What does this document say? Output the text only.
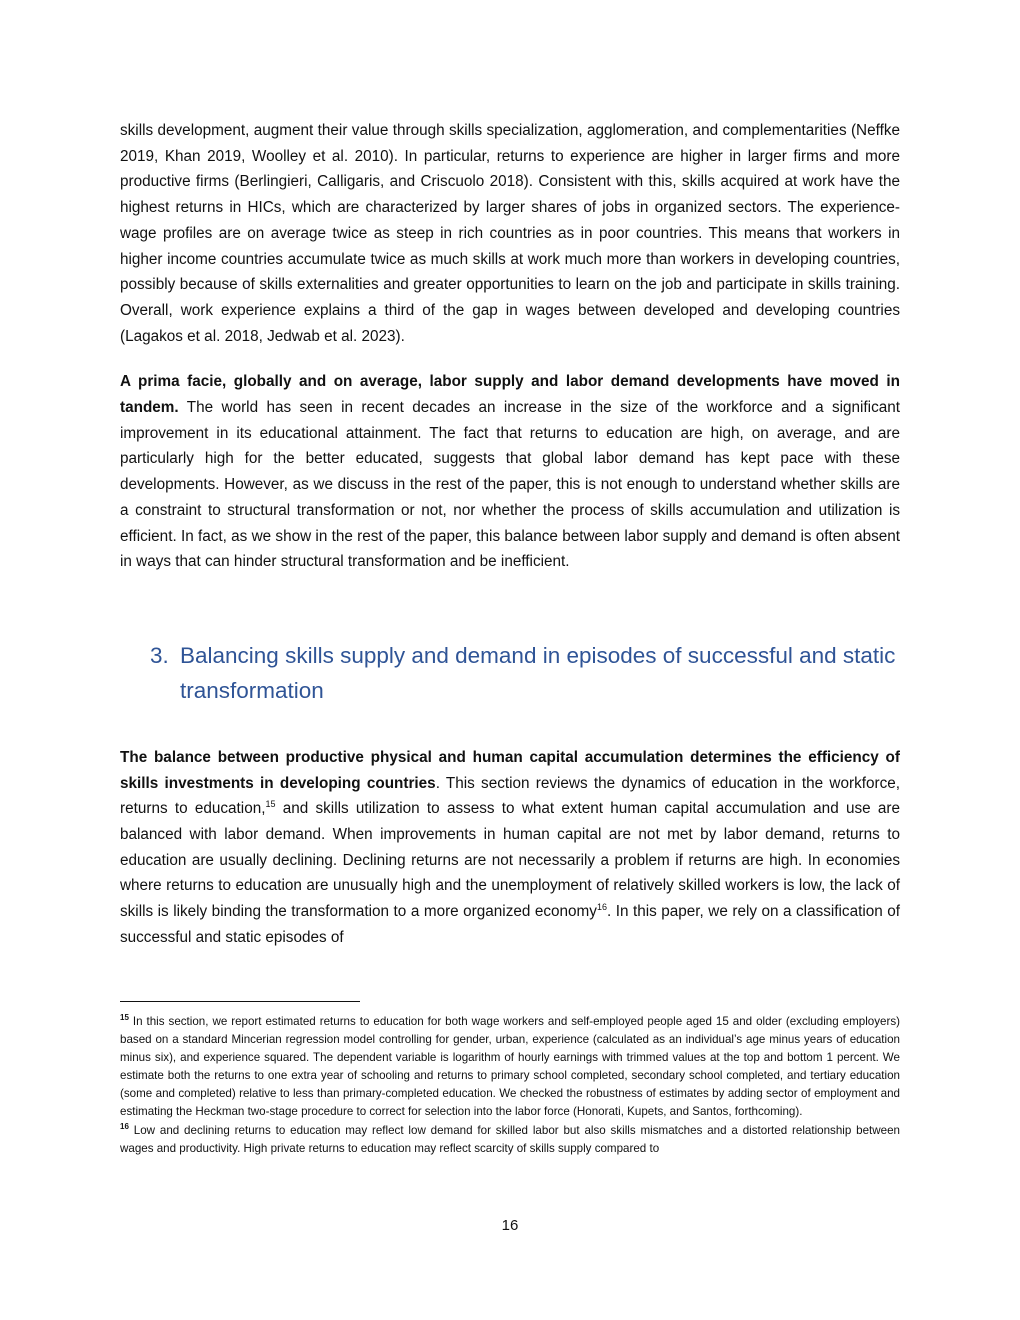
skills development, augment their value through skills specialization, agglomeration, and complementarities (Neffke 2019, Khan 2019, Woolley et al. 2010). In particular, returns to experience are higher in larger firms and more productive firms (Berlingieri, Calligaris, and Criscuolo 2018). Consistent with this, skills acquired at work have the highest returns in HICs, which are characterized by larger shares of jobs in organized sectors. The experience-wage profiles are on average twice as steep in rich countries as in poor countries. This means that workers in higher income countries accumulate twice as much skills at work much more than workers in developing countries, possibly because of skills externalities and greater opportunities to learn on the job and participate in skills training. Overall, work experience explains a third of the gap in wages between developed and developing countries (Lagakos et al. 2018, Jedwab et al. 2023).

A prima facie, globally and on average, labor supply and labor demand developments have moved in tandem. The world has seen in recent decades an increase in the size of the workforce and a significant improvement in its educational attainment. The fact that returns to education are high, on average, and are particularly high for the better educated, suggests that global labor demand has kept pace with these developments. However, as we discuss in the rest of the paper, this is not enough to understand whether skills are a constraint to structural transformation or not, nor whether the process of skills accumulation and utilization is efficient. In fact, as we show in the rest of the paper, this balance between labor supply and demand is often absent in ways that can hinder structural transformation and be inefficient.

3. Balancing skills supply and demand in episodes of successful and static transformation

The balance between productive physical and human capital accumulation determines the efficiency of skills investments in developing countries. This section reviews the dynamics of education in the workforce, returns to education,$^{15}$ and skills utilization to assess to what extent human capital accumulation and use are balanced with labor demand. When improvements in human capital are not met by labor demand, returns to education are usually declining. Declining returns are not necessarily a problem if returns are high. In economies where returns to education are unusually high and the unemployment of relatively skilled workers is low, the lack of skills is likely binding the transformation to a more organized economy$^{16}$. In this paper, we rely on a classification of successful and static episodes of

$^{15}$ In this section, we report estimated returns to education for both wage workers and self-employed people aged 15 and older (excluding employers) based on a standard Mincerian regression model controlling for gender, urban, experience (calculated as an individual’s age minus years of education minus six), and experience squared. The dependent variable is logarithm of hourly earnings with trimmed values at the top and bottom 1 percent. We estimate both the returns to one extra year of schooling and returns to primary school completed, secondary school completed, and tertiary education (some and completed) relative to less than primary-completed education. We checked the robustness of estimates by adding sector of employment and estimating the Heckman two-stage procedure to correct for selection into the labor force (Honorati, Kupets, and Santos, forthcoming).

$^{16}$ Low and declining returns to education may reflect low demand for skilled labor but also skills mismatches and a distorted relationship between wages and productivity. High private returns to education may reflect scarcity of skills supply compared to

16
